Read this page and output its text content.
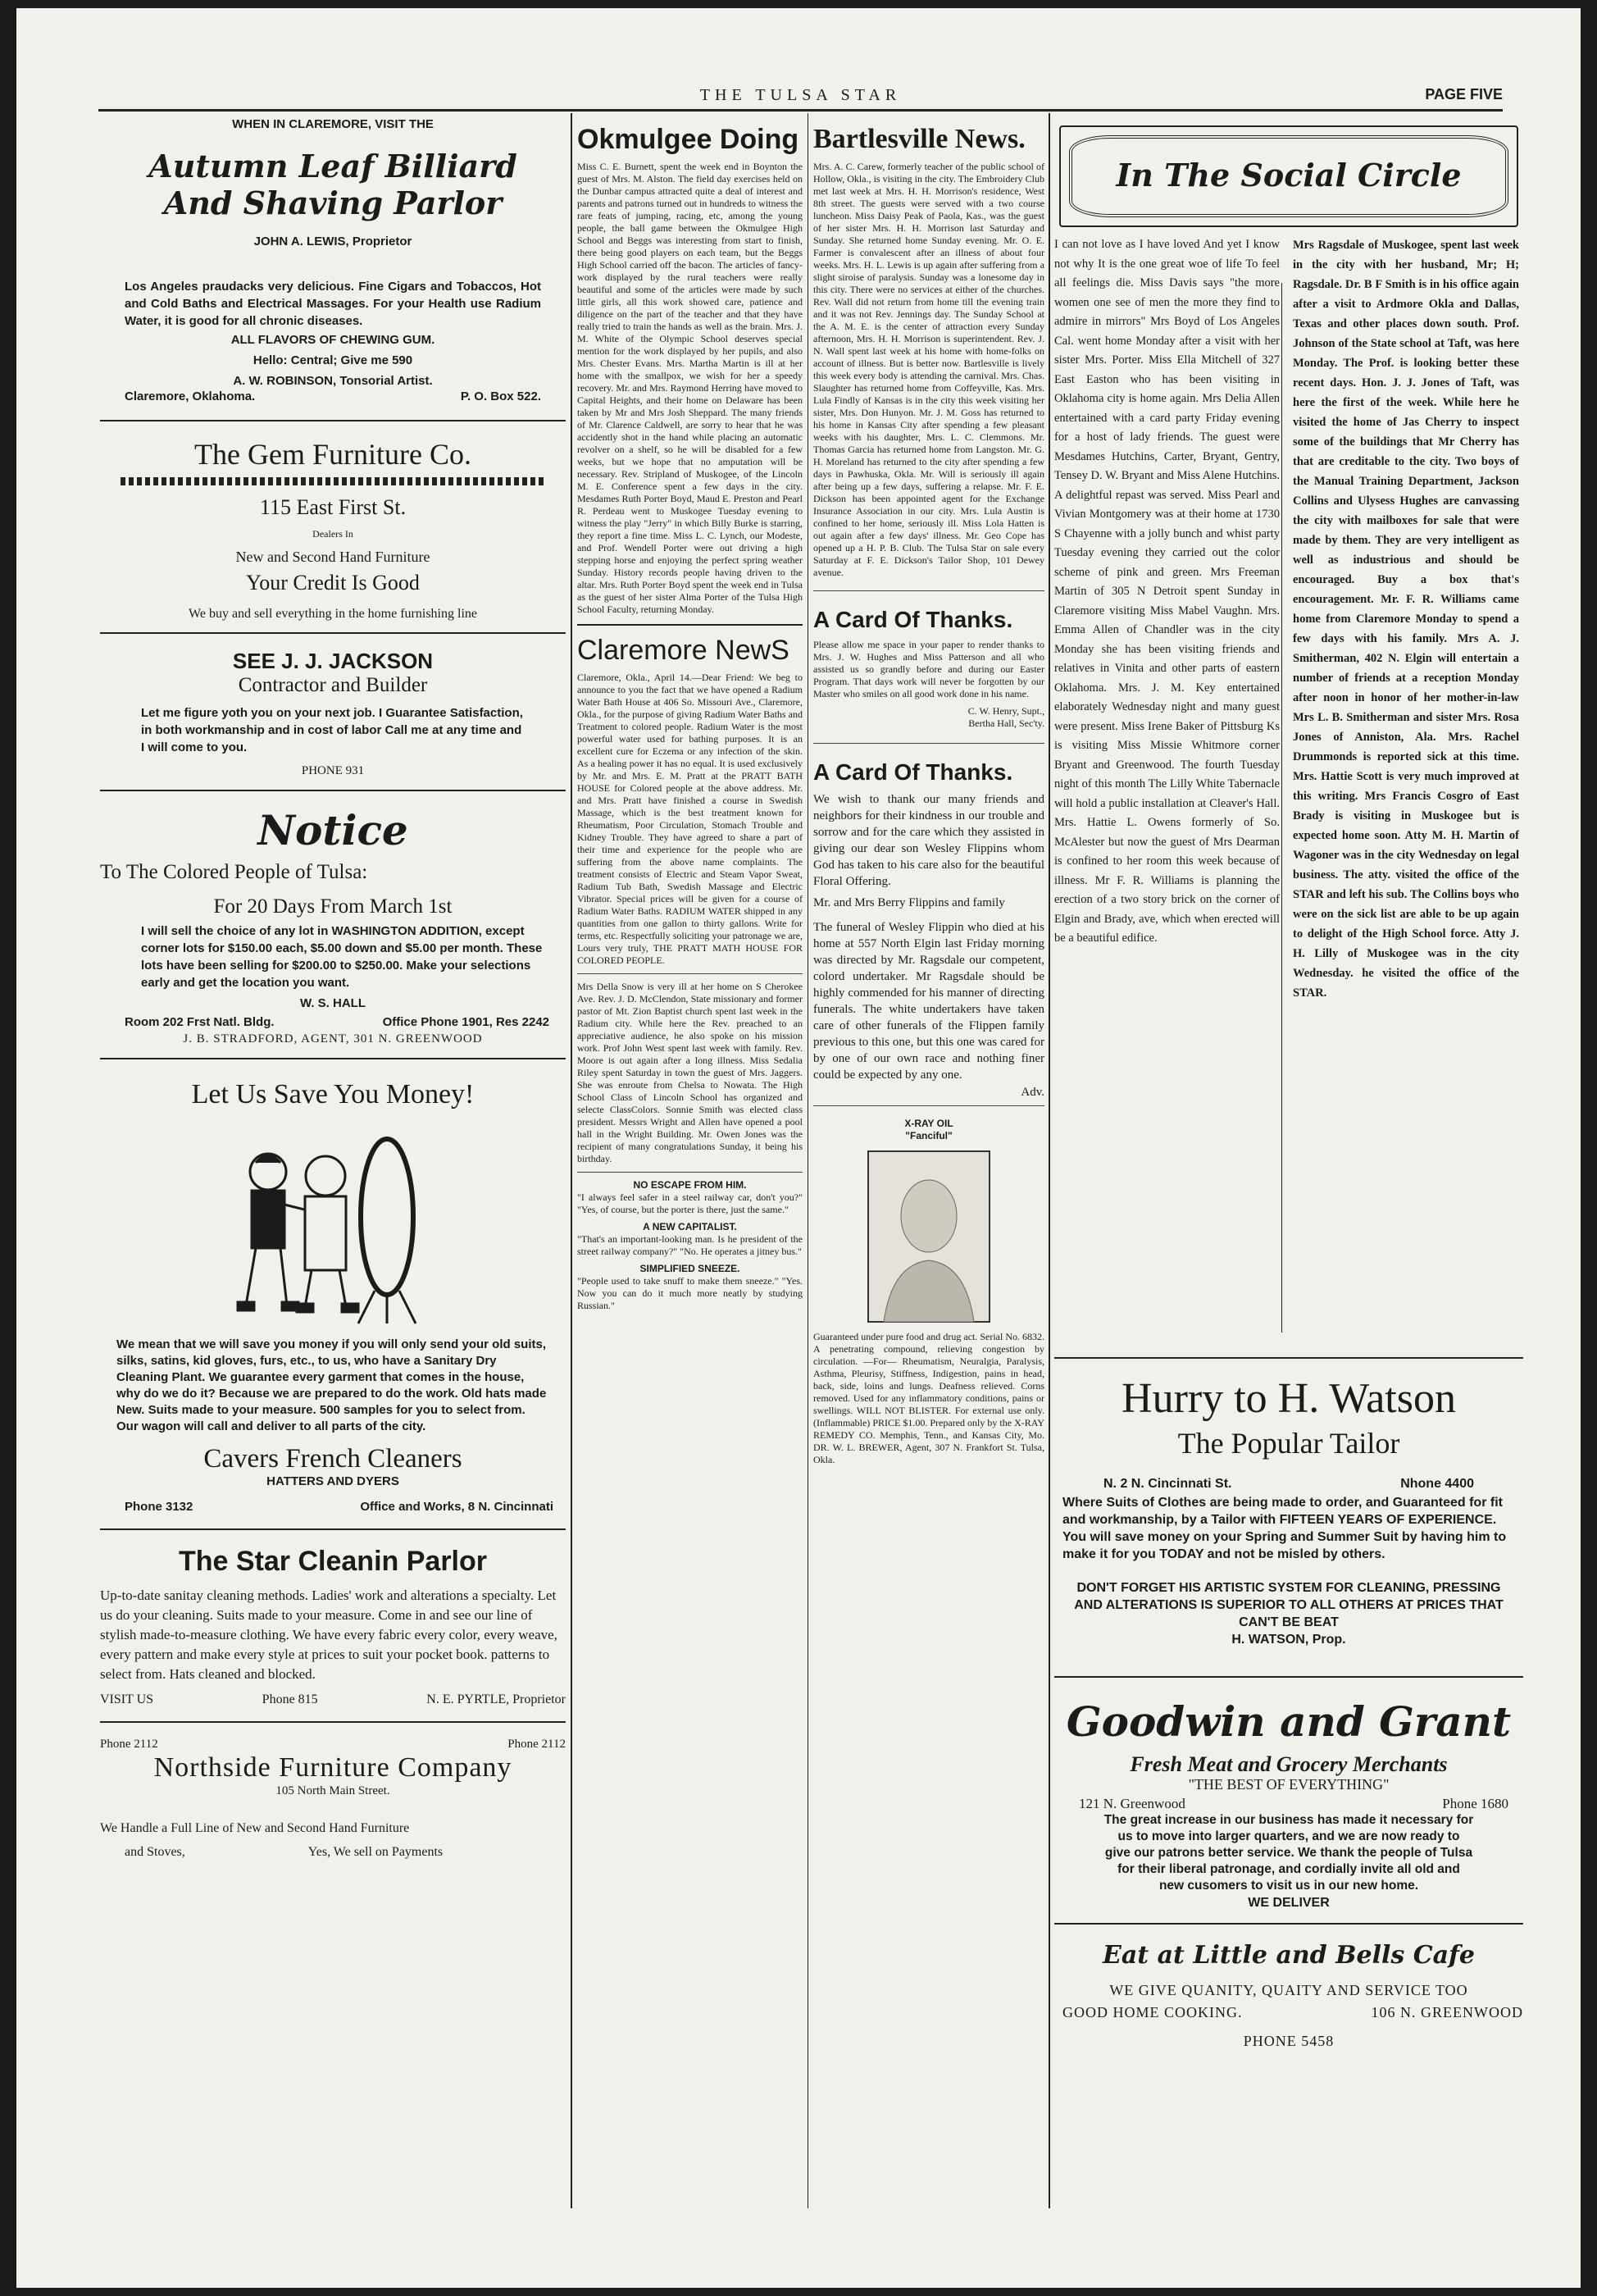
THE TULSA STAR	PAGE FIVE

WHEN IN CLAREMORE, VISIT THE

Autumn Leaf Billiard And Shaving Parlor

JOHN A. LEWIS, Proprietor

Los Angeles praudacks very delicious. Fine Cigars and Tobaccos, Hot and Cold Baths and Electrical Massages. For your Health use Radium Water, it is good for all chronic diseases.

ALL FLAVORS OF CHEWING GUM.

Hello: Central; Give me 590

A. W. ROBINSON, Tonsorial Artist.

Claremore, Oklahoma.	P. O. Box 522.

The Gem Furniture Co.

115 East First St.

Dealers In

New and Second Hand Furniture

Your Credit Is Good

We buy and sell everything in the home furnishing line

SEE J. J. JACKSON

Contractor and Builder

Let me figure yoth you on your next job. I Guarantee Satisfaction, in both workmanship and in cost of labor Call me at any time and I will come to you.

PHONE 931

Notice

To The Colored People of Tulsa:

For 20 Days From March 1st

I will sell the choice of any lot in WASHINGTON ADDITION, except corner lots for $150.00 each, $5.00 down and $5.00 per month. These lots have been selling for $200.00 to $250.00. Make your selections early and get the location you want.

W. S. HALL

Room 202 Frst Natl. Bldg.	Office Phone 1901, Res 2242

J. B. STRADFORD, AGENT, 301 N. GREENWOOD

Let Us Save You Money!

We mean that we will save you money if you will only send your old suits, silks, satins, kid gloves, furs, etc., to us, who have a Sanitary Dry Cleaning Plant. We guarantee every garment that comes in the house, why do we do it? Because we are prepared to do the work. Old hats made New. Suits made to your measure. 500 samples for you to select from. Our wagon will call and deliver to all parts of the city.

Cavers French Cleaners

HATTERS AND DYERS

Phone 3132	Office and Works, 8 N. Cincinnati

The Star Cleanin Parlor

Up-to-date sanitay cleaning methods. Ladies' work and alterations a specialty. Let us do your cleaning. Suits made to your measure. Come in and see our line of stylish made-to-measure clothing. We have every fabric every color, every weave, every pattern and make every style at prices to suit your pocket book. patterns to select from. Hats cleaned and blocked.

VISIT US	Phone 815	N. E. PYRTLE, Proprietor
Phone 2112	Phone 2112

Northside Furniture Company

105 North Main Street.

We Handle a Full Line of New and Second Hand Furniture

and Stoves,	Yes, We sell on Payments

Okmulgee Doing

Miss C. E. Burnett, spent the week end in Boynton the guest of Mrs. M. Alston. The field day exercises held on the Dunbar campus attracted quite a deal of interest and parents and patrons turned out in hundreds to witness the rare feats of jumping, racing, etc, among the young people, the ball game between the Okmulgee High School and Beggs was interesting from start to finish, there being good players on each team, but the Beggs High School carried off the bacon. The articles of fancy-work displayed by the rural teachers were really beautiful and some of the articles were made by such little girls, all this work showed care, patience and diligence on the part of the teacher and that they have really tried to train the hands as well as the brain. Mrs. J. M. White of the Olympic School deserves special mention for the work displayed by her pupils, and also Mrs. Chester Evans. Mrs. Martha Martin is ill at her home with the smallpox, we wish for her a speedy recovery. Mr. and Mrs. Raymond Herring have moved to Capital Heights, and their home on Delaware has been taken by Mr and Mrs Josh Sheppard. The many friends of Mr. Clarence Caldwell, are sorry to hear that he was accidently shot in the hand while placing an automatic revolver on a shelf, so he will be disabled for a few weeks, but we hope that no amputation will be necessary. Rev. Stripland of Muskogee, of the Lincoln M. E. Conference spent a few days in the city. Mesdames Ruth Porter Boyd, Maud E. Preston and Pearl R. Perdeau went to Muskogee Tuesday evening to witness the play "Jerry" in which Billy Burke is starring, they report a fine time. Miss L. C. Lynch, our Modeste, and Prof. Wendell Porter were out driving a high stepping horse and enjoying the perfect spring weather Sunday. History records people having driven to the altar. Mrs. Ruth Porter Boyd spent the week end in Tulsa as the guest of her sister Alma Porter of the Tulsa High School Faculty, returning Monday.

Claremore NewS

Claremore, Okla., April 14.—Dear Friend: We beg to announce to you the fact that we have opened a Radium Water Bath House at 406 So. Missouri Ave., Claremore, Okla., for the purpose of giving Radium Water Baths and Treatment to colored people. Radium Water is the most powerful water used for bathing purposes. It is an excellent cure for Eczema or any infection of the skin. As a healing power it has no equal. It is used exclusively by Mr. and Mrs. E. M. Pratt at the PRATT BATH HOUSE for Colored people at the above address. Mr. and Mrs. Pratt have finished a course in Swedish Massage, which is the best treatment known for Rheumatism, Poor Circulation, Stomach Trouble and Kidney Trouble. They have agreed to share a part of their time and experience for the people who are suffering from the above name complaints. The treatment consists of Electric and Steam Vapor Sweat, Radium Tub Bath, Swedish Massage and Electric Vibrator. Special prices will be given for a course of Radium Water Baths. RADIUM WATER shipped in any quantities from one gallon to thirty gallons. Write for terms, etc. Respectfully soliciting your patronage we are, Lours very truly, THE PRATT MATH HOUSE FOR COLORED PEOPLE.

Mrs Della Snow is very ill at her home on S Cherokee Ave. Rev. J. D. McClendon, State missionary and former pastor of Mt. Zion Baptist church spent last week in the Radium city. While here the Rev. preached to an appreciative audience, he also spoke on his mission work. Prof John West spent last week with family. Rev. Moore is out again after a long illness. Miss Sedalia Riley spent Saturday in town the guest of Mrs. Jaggers. She was enroute from Chelsa to Nowata. The High School Class of Lincoln School has organized and selecte ClassColors. Sonnie Smith was elected class president. Messrs Wright and Allen have opened a pool hall in the Wright Building. Mr. Owen Jones was the recipient of many congratulations Sunday, it being his birthday.

NO ESCAPE FROM HIM.

"I always feel safer in a steel railway car, don't you?" "Yes, of course, but the porter is there, just the same."

A NEW CAPITALIST.

"That's an important-looking man. Is he president of the street railway company?" "No. He operates a jitney bus."

SIMPLIFIED SNEEZE.

"People used to take snuff to make them sneeze." "Yes. Now you can do it much more neatly by studying Russian."

Bartlesville News.

Mrs. A. C. Carew, formerly teacher of the public school of Hollow, Okla., is visiting in the city. The Embroidery Club met last week at Mrs. H. H. Morrison's residence, West 8th street. The guests were served with a two course luncheon. Miss Daisy Peak of Paola, Kas., was the guest of her sister Mrs. H. H. Morrison last Saturday and Sunday. She returned home Sunday evening. Mr. O. E. Farmer is convalescent after an illness of about four weeks. Mrs. H. L. Lewis is up again after suffering from a slight siroise of paralysis. Sunday was a lonesome day in this city. There were no services at either of the churches. Rev. Wall did not return from home till the evening train and it was not Rev. Jennings day. The Sunday School at the A. M. E. is the center of attraction every Sunday afternoon, Mrs. H. H. Morrison is superintendent. Rev. J. N. Wall spent last week at his home with home-folks on account of illness. But is better now. Bartlesville is lively this week every body is attending the carnival. Mrs. Chas. Slaughter has returned home from Coffeyville, Kas. Mrs. Lula Findly of Kansas is in the city this week visiting her sister, Mrs. Don Hunyon. Mr. J. M. Goss has returned to his home in Kansas City after spending a few pleasant weeks with his daughter, Mrs. L. C. Clemmons. Mr. Thomas Garcia has returned home from Langston. Mr. G. H. Moreland has returned to the city after spending a few days in Pawhuska, Okla. Mr. Will is seriously ill again after being up a few days, suffering a relapse. Mr. F. E. Dickson has been appointed agent for the Exchange Insurance Association in our city. Mrs. Lula Austin is confined to her home, seriously ill. Miss Lola Hatten is out again after a few days' illness. Mr. Geo Cope has opened up a H. P. B. Club. The Tulsa Star on sale every Saturday at F. E. Dickson's Tailor Shop, 101 Dewey avenue.

A Card Of Thanks.

Please allow me space in your paper to render thanks to Mrs. J. W. Hughes and Miss Patterson and all who assisted us so grandly before and during our Easter Program. That days work will never be forgotten by our Master who smiles on all good work done in his name.

C. W. Henry, Supt.,

Bertha Hall, Sec'ty.

A Card Of Thanks.

We wish to thank our many friends and neighbors for their kindness in our trouble and sorrow and for the care which they assisted in giving our dear son Wesley Flippins whom God has taken to his care also for the beautiful Floral Offering.

Mr. and Mrs Berry Flippins and family

The funeral of Wesley Flippin who died at his home at 557 North Elgin last Friday morning was directed by Mr. Ragsdale our competent, colord undertaker. Mr Ragsdale should be highly commended for his manner of directing funerals. The white undertakers have taken care of other funerals of the Flippen family previous to this one, but this one was cared for by one of our own race and nothing finer could be expected by any one.

Adv.

X-RAY OIL

"Fanciful"

Guaranteed under pure food and drug act. Serial No. 6832. A penetrating compound, relieving congestion by circulation. —For— Rheumatism, Neuralgia, Paralysis, Asthma, Pleurisy, Stiffness, Indigestion, pains in head, back, side, loins and lungs. Deafness relieved. Corns removed. Used for any inflammatory conditions, pains or swellings. WILL NOT BLISTER. For external use only. (Inflammable) PRICE $1.00. Prepared only by the X-RAY REMEDY CO. Memphis, Tenn., and Kansas City, Mo. DR. W. L. BREWER, Agent, 307 N. Frankfort St. Tulsa, Okla.

In The Social Circle

I can not love as I have loved And yet I know not why It is the one great woe of life To feel all feelings die. Miss Davis says "the more women one see of men the more they find to admire in mirrors" Mrs Boyd of Los Angeles Cal. went home Monday after a visit with her sister Mrs. Porter. Miss Ella Mitchell of 327 East Easton who has been visiting in Oklahoma city is home again. Mrs Delia Allen entertained with a card party Friday evening for a host of lady friends. The guest were Mesdames Hutchins, Carter, Bryant, Gentry, Tensey D. W. Bryant and Miss Alene Hutchins. A delightful repast was served. Miss Pearl and Vivian Montgomery was at their home at 1730 S Chayenne with a jolly bunch and whist party Tuesday evening they carried out the color scheme of pink and green. Mrs Freeman Martin of 305 N Detroit spent Sunday in Claremore visiting Miss Mabel Vaughn. Mrs. Emma Allen of Chandler was in the city Monday she has been visiting friends and relatives in Vinita and other parts of eastern Oklahoma. Mrs. J. M. Key entertained elaborately Wednesday night and many guest were present. Miss Irene Baker of Pittsburg Ks is visiting Miss Missie Whitmore corner Bryant and Greenwood. The fourth Tuesday night of this month The Lilly White Tabernacle will hold a public installation at Cleaver's Hall. Mrs. Hattie L. Owens formerly of So. McAlester but now the guest of Mrs Dearman is confined to her room this week because of illness. Mr F. R. Williams is planning the erection of a two story brick on the corner of Elgin and Brady, ave, which when erected will be a beautiful edifice.

Mrs Ragsdale of Muskogee, spent last week in the city with her husband, Mr; H; Ragsdale. Dr. B F Smith is in his office again after a visit to Ardmore Okla and Dallas, Texas and other places down south. Prof. Johnson of the State school at Taft, was here Monday. The Prof. is looking better these recent days. Hon. J. J. Jones of Taft, was here the first of the week. While here he visited the home of Jas Cherry to inspect some of the buildings that Mr Cherry has that are creditable to the city. Two boys of the Manual Training Department, Jackson Collins and Ulysess Hughes are canvassing the city with mailboxes for sale that were made by them. They are very intelligent as well as industrious and should be encouraged. Buy a box that's encouragement. Mr. F. R. Williams came home from Claremore Monday to spend a few days with his family. Mrs A. J. Smitherman, 402 N. Elgin will entertain a number of friends at a reception Monday after noon in honor of her mother-in-law Mrs L. B. Smitherman and sister Mrs. Rosa Jones of Anniston, Ala. Mrs. Rachel Drummonds is reported sick at this time. Mrs. Hattie Scott is very much improved at this writing. Mrs Francis Cosgro of East Brady is visiting in Muskogee but is expected home soon. Atty M. H. Martin of Wagoner was in the city Wednesday on legal business. The atty. visited the office of the STAR and left his sub. The Collins boys who were on the sick list are able to be up again to delight of the High School force. Atty J. H. Lilly of Muskogee was in the city Wednesday. he visited the office of the STAR.

Hurry to H. Watson

The Popular Tailor

N. 2 N. Cincinnati St.	Nhone 4400

Where Suits of Clothes are being made to order, and Guaranteed for fit and workmanship, by a Tailor with FIFTEEN YEARS OF EXPERIENCE. You will save money on your Spring and Summer Suit by having him to make it for you TODAY and not be misled by others.

DON'T FORGET HIS ARTISTIC SYSTEM FOR CLEANING, PRESSING AND ALTERATIONS IS SUPERIOR TO ALL OTHERS AT PRICES THAT CAN'T BE BEAT

H. WATSON, Prop.

Goodwin and Grant

Fresh Meat and Grocery Merchants

"THE BEST OF EVERYTHING"

121 N. Greenwood	Phone 1680

The great increase in our business has made it necessary for us to move into larger quarters, and we are now ready to give our patrons better service. We thank the people of Tulsa for their liberal patronage, and cordially invite all old and new cusomers to visit us in our new home.

WE DELIVER

Eat at Little and Bells Cafe

WE GIVE QUANITY, QUAITY AND SERVICE TOO

GOOD HOME COOKING.	106 N. GREENWOOD

PHONE 5458
